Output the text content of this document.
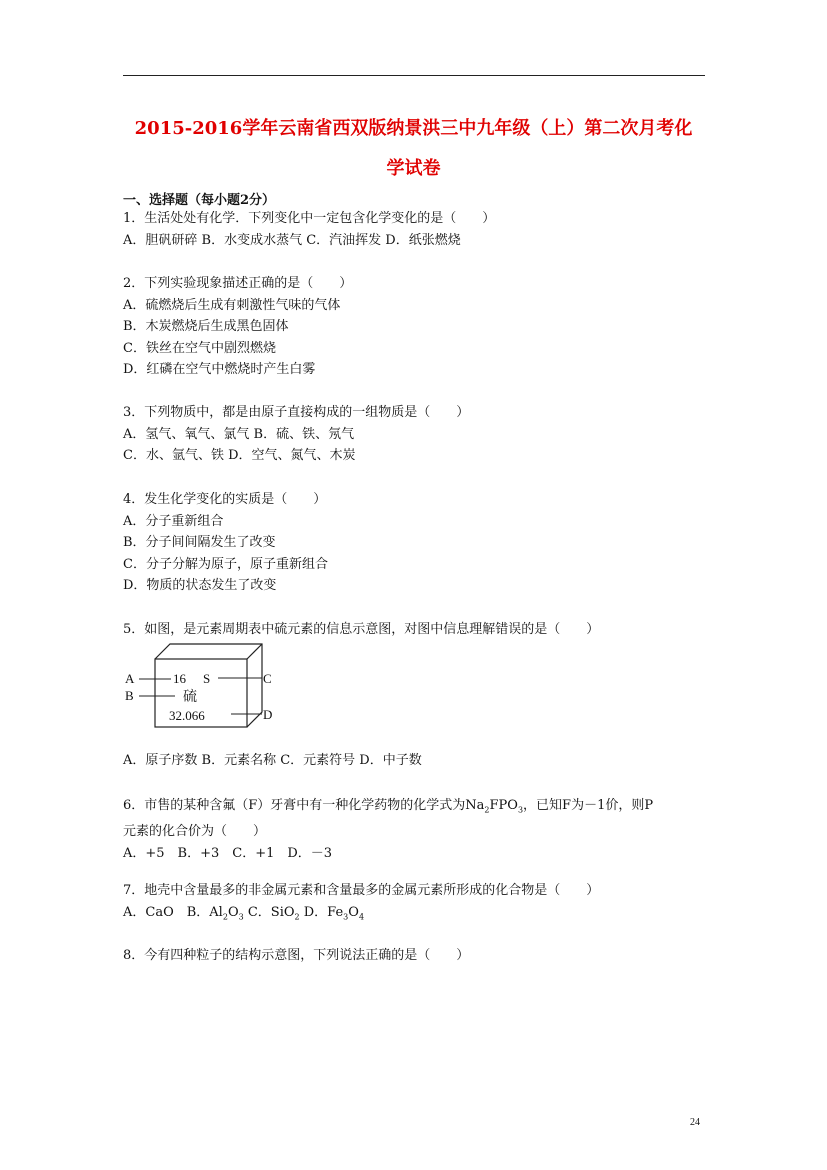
2015-2016学年云南省西双版纳景洪三中九年级（上）第二次月考化
学试卷
一、选择题（每小题2分）
1．生活处处有化学．下列变化中一定包含化学变化的是（　　）
A．胆矾研碎 B．水变成水蒸气 C．汽油挥发 D．纸张燃烧
2．下列实验现象描述正确的是（　　）
A．硫燃烧后生成有刺激性气味的气体
B．木炭燃烧后生成黑色固体
C．铁丝在空气中剧烈燃烧
D．红磷在空气中燃烧时产生白雾
3．下列物质中，都是由原子直接构成的一组物质是（　　）
A．氢气、氧气、氯气 B．硫、铁、氖气
C．水、氩气、铁 D．空气、氮气、木炭
4．发生化学变化的实质是（　　）
A．分子重新组合
B．分子间间隔发生了改变
C．分子分解为原子，原子重新组合
D．物质的状态发生了改变
5．如图，是元素周期表中硫元素的信息示意图，对图中信息理解错误的是（　　）
A
B
C
D
16 S
硫
32.066
A．原子序数 B．元素名称 C．元素符号 D．中子数
6．市售的某种含氟（F）牙膏中有一种化学药物的化学式为$Na_2FPO_3$，已知F为－1价，则P
元素的化合价为（　　）
A．+5　B．+3　C．+1　D．－3
7．地壳中含量最多的非金属元素和含量最多的金属元素所形成的化合物是（　　）
A．CaO　B．$Al_2O_3$ C．SiO$_2$ D．$Fe_3O_4$
8．今有四种粒子的结构示意图，下列说法正确的是（　　）
24
